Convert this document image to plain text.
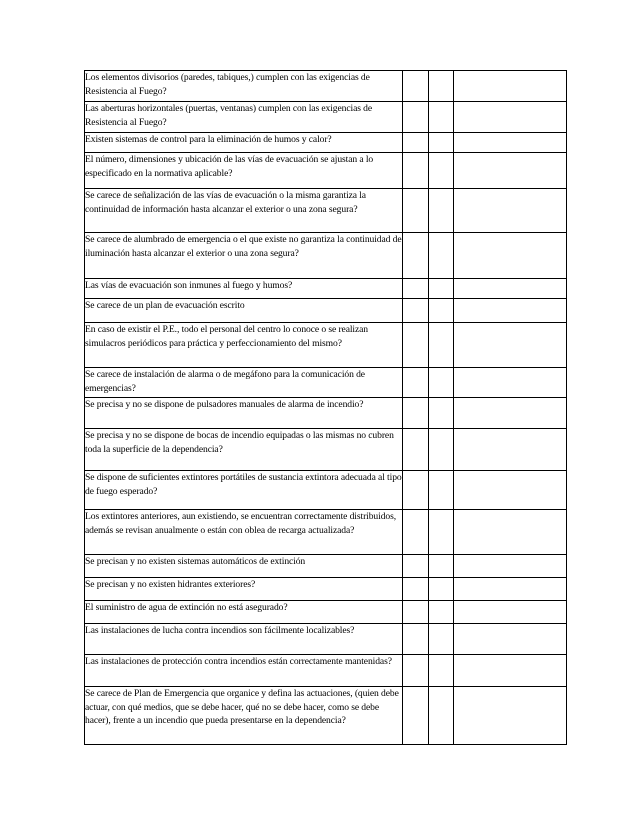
Los elementos divisorios (paredes, tabiques,) cumplen con las exigencias de Resistencia al Fuego?			
Las aberturas horizontales (puertas, ventanas) cumplen con las exigencias de Resistencia al Fuego?			
Existen sistemas de control para la eliminación de humos y calor?			
El número, dimensiones y ubicación de las vías de evacuación se ajustan a lo especificado en la normativa aplicable?			
Se carece de señalización de las vías de evacuación o la misma garantiza la continuidad de información hasta alcanzar el exterior o una zona segura?			
Se carece de alumbrado de emergencia o el que existe no garantiza la continuidad de iluminación hasta alcanzar el exterior o una zona segura?			
Las vías de evacuación son inmunes al fuego y humos?			
Se carece de un plan de evacuación escrito			
En caso de existir el P.E., todo el personal del centro lo conoce o se realizan simulacros periódicos para práctica y perfeccionamiento del mismo?			
Se carece de instalación de alarma o de megáfono para la comunicación de emergencias?			
Se precisa y no se dispone de pulsadores manuales de alarma de incendio?			
Se precisa y no se dispone de bocas de incendio equipadas o las mismas no cubren toda la superficie de la dependencia?			
Se dispone de suficientes extintores portátiles de sustancia extintora adecuada al tipo de fuego esperado?			
Los extintores anteriores, aun existiendo, se encuentran correctamente distribuidos, además se revisan anualmente o están con oblea de recarga actualizada?			
Se precisan y no existen sistemas automáticos de extinción			
Se precisan y no existen hidrantes exteriores?			
El suministro de agua de extinción no está asegurado?			
Las instalaciones de lucha contra incendios son fácilmente localizables?			
Las instalaciones de protección contra incendios están correctamente mantenidas?			
Se carece de Plan de Emergencia que organice y defina las actuaciones, (quien debe actuar, con qué medios, que se debe hacer, qué no se debe hacer, como se debe hacer), frente a un incendio que pueda presentarse en la dependencia?			
